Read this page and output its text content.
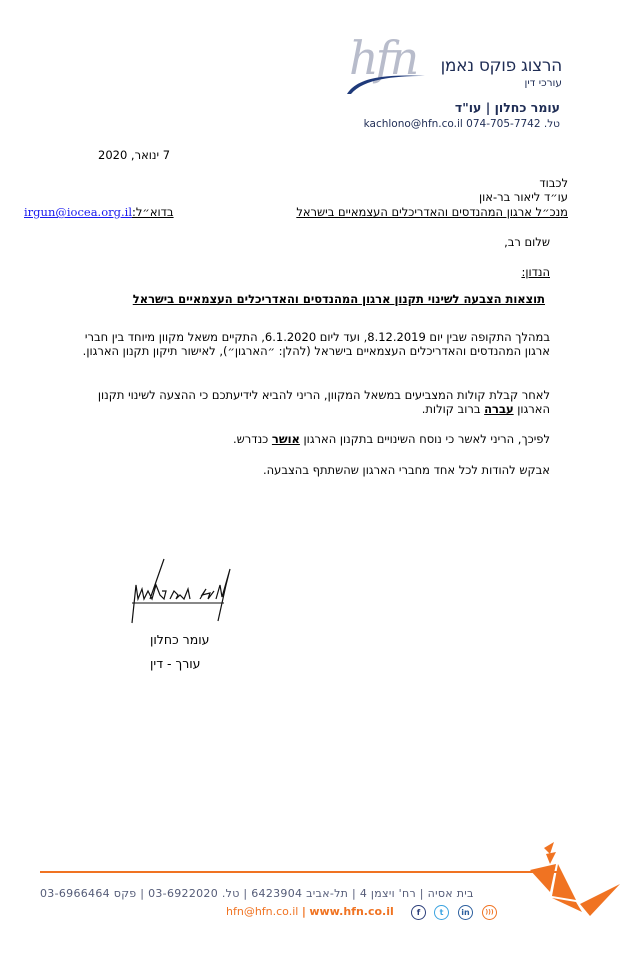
hfn הרצוג פוקס נאמן
עורכי דין
עומר כחלון | עו"ד
kachlono@hfn.co.il 074-705-7742 .טל
7 ינואר, 2020
לכבוד
עו״ד ליאור בר-און
מנכ״ל ארגון המהנדסים והאדריכלים העצמאיים בישראל
irgun@iocea.org.ilבדוא״ל:
שלום רב,
הנדון:
תוצאות הצבעה לשינוי תקנון ארגון המהנדסים והאדריכלים העצמאיים בישראל
במהלך התקופה שבין יום 8.12.2019, ועד ליום 6.1.2020, התקיים משאל מקוון מיוחד בין חברי ארגון המהנדסים והאדריכלים העצמאיים בישראל (להלן: ״הארגון״), לאישור תיקון תקנון הארגון.
לאחר קבלת קולות המצביעים במשאל המקוון, הריני להביא לידיעתכם כי ההצעה לשינוי תקנון הארגון עברה ברוב קולות.
לפיכך, הריני לאשר כי נוסח השינויים בתקנון הארגון אושר כנדרש.
אבקש להודות לכל אחד מחברי הארגון שהשתתף בהצבעה.
עומר כחלון
עורך - דין
בית אסיה | רח' ויצמן 4 | תל-אביב 6423904 | טל. 03-6922020 | פקס 03-6966464
hfn@hfn.co.il | www.hfn.co.il	f	t	in	)))
